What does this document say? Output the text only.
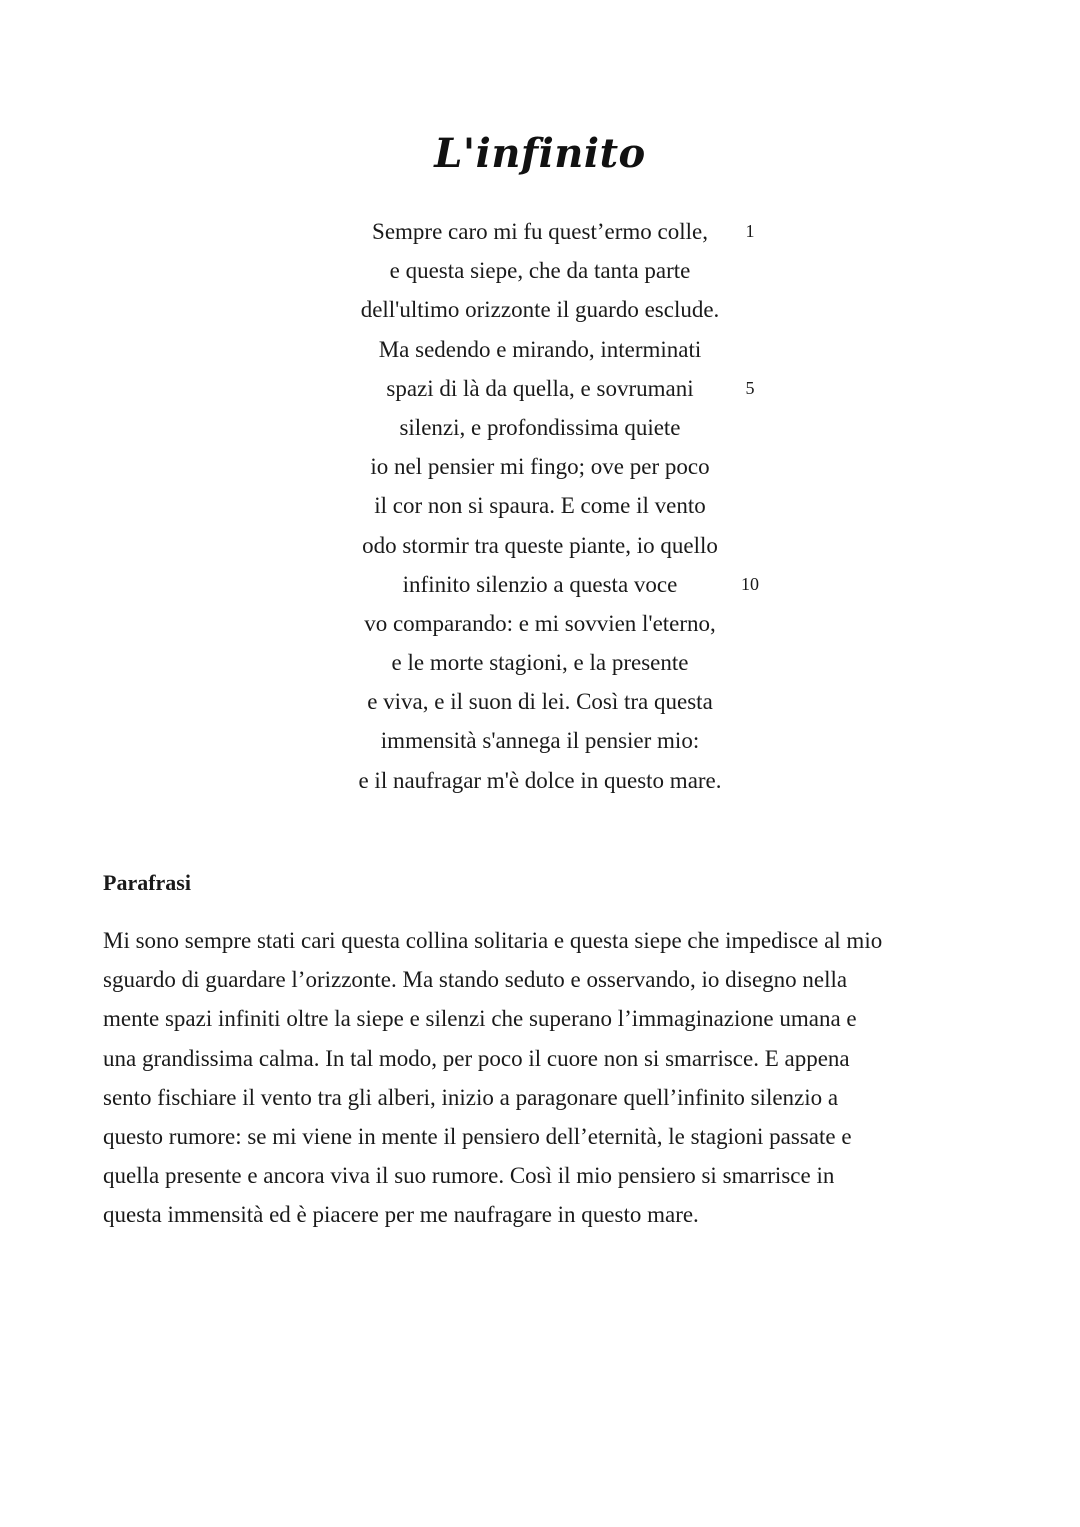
L'infinito
Sempre caro mi fu quest’ermo colle,	1
e questa siepe, che da tanta parte
dell'ultimo orizzonte il guardo esclude.
Ma sedendo e mirando, interminati
spazi di là da quella, e sovrumani	5
silenzi, e profondissima quiete
io nel pensier mi fingo; ove per poco
il cor non si spaura. E come il vento
odo stormir tra queste piante, io quello
infinito silenzio a questa voce	10
vo comparando: e mi sovvien l'eterno,
e le morte stagioni, e la presente
e viva, e il suon di lei. Così tra questa
immensità s'annega il pensier mio:
e il naufragar m'è dolce in questo mare.
Parafrasi
Mi sono sempre stati cari questa collina solitaria e questa siepe che impedisce al mio
sguardo di guardare l’orizzonte. Ma stando seduto e osservando, io disegno nella
mente spazi infiniti oltre la siepe e silenzi che superano l’immaginazione umana e
una grandissima calma. In tal modo, per poco il cuore non si smarrisce. E appena
sento fischiare il vento tra gli alberi, inizio a paragonare quell’infinito silenzio a
questo rumore: se mi viene in mente il pensiero dell’eternità, le stagioni passate e
quella presente e ancora viva il suo rumore. Così il mio pensiero si smarrisce in
questa immensità ed è piacere per me naufragare in questo mare.
